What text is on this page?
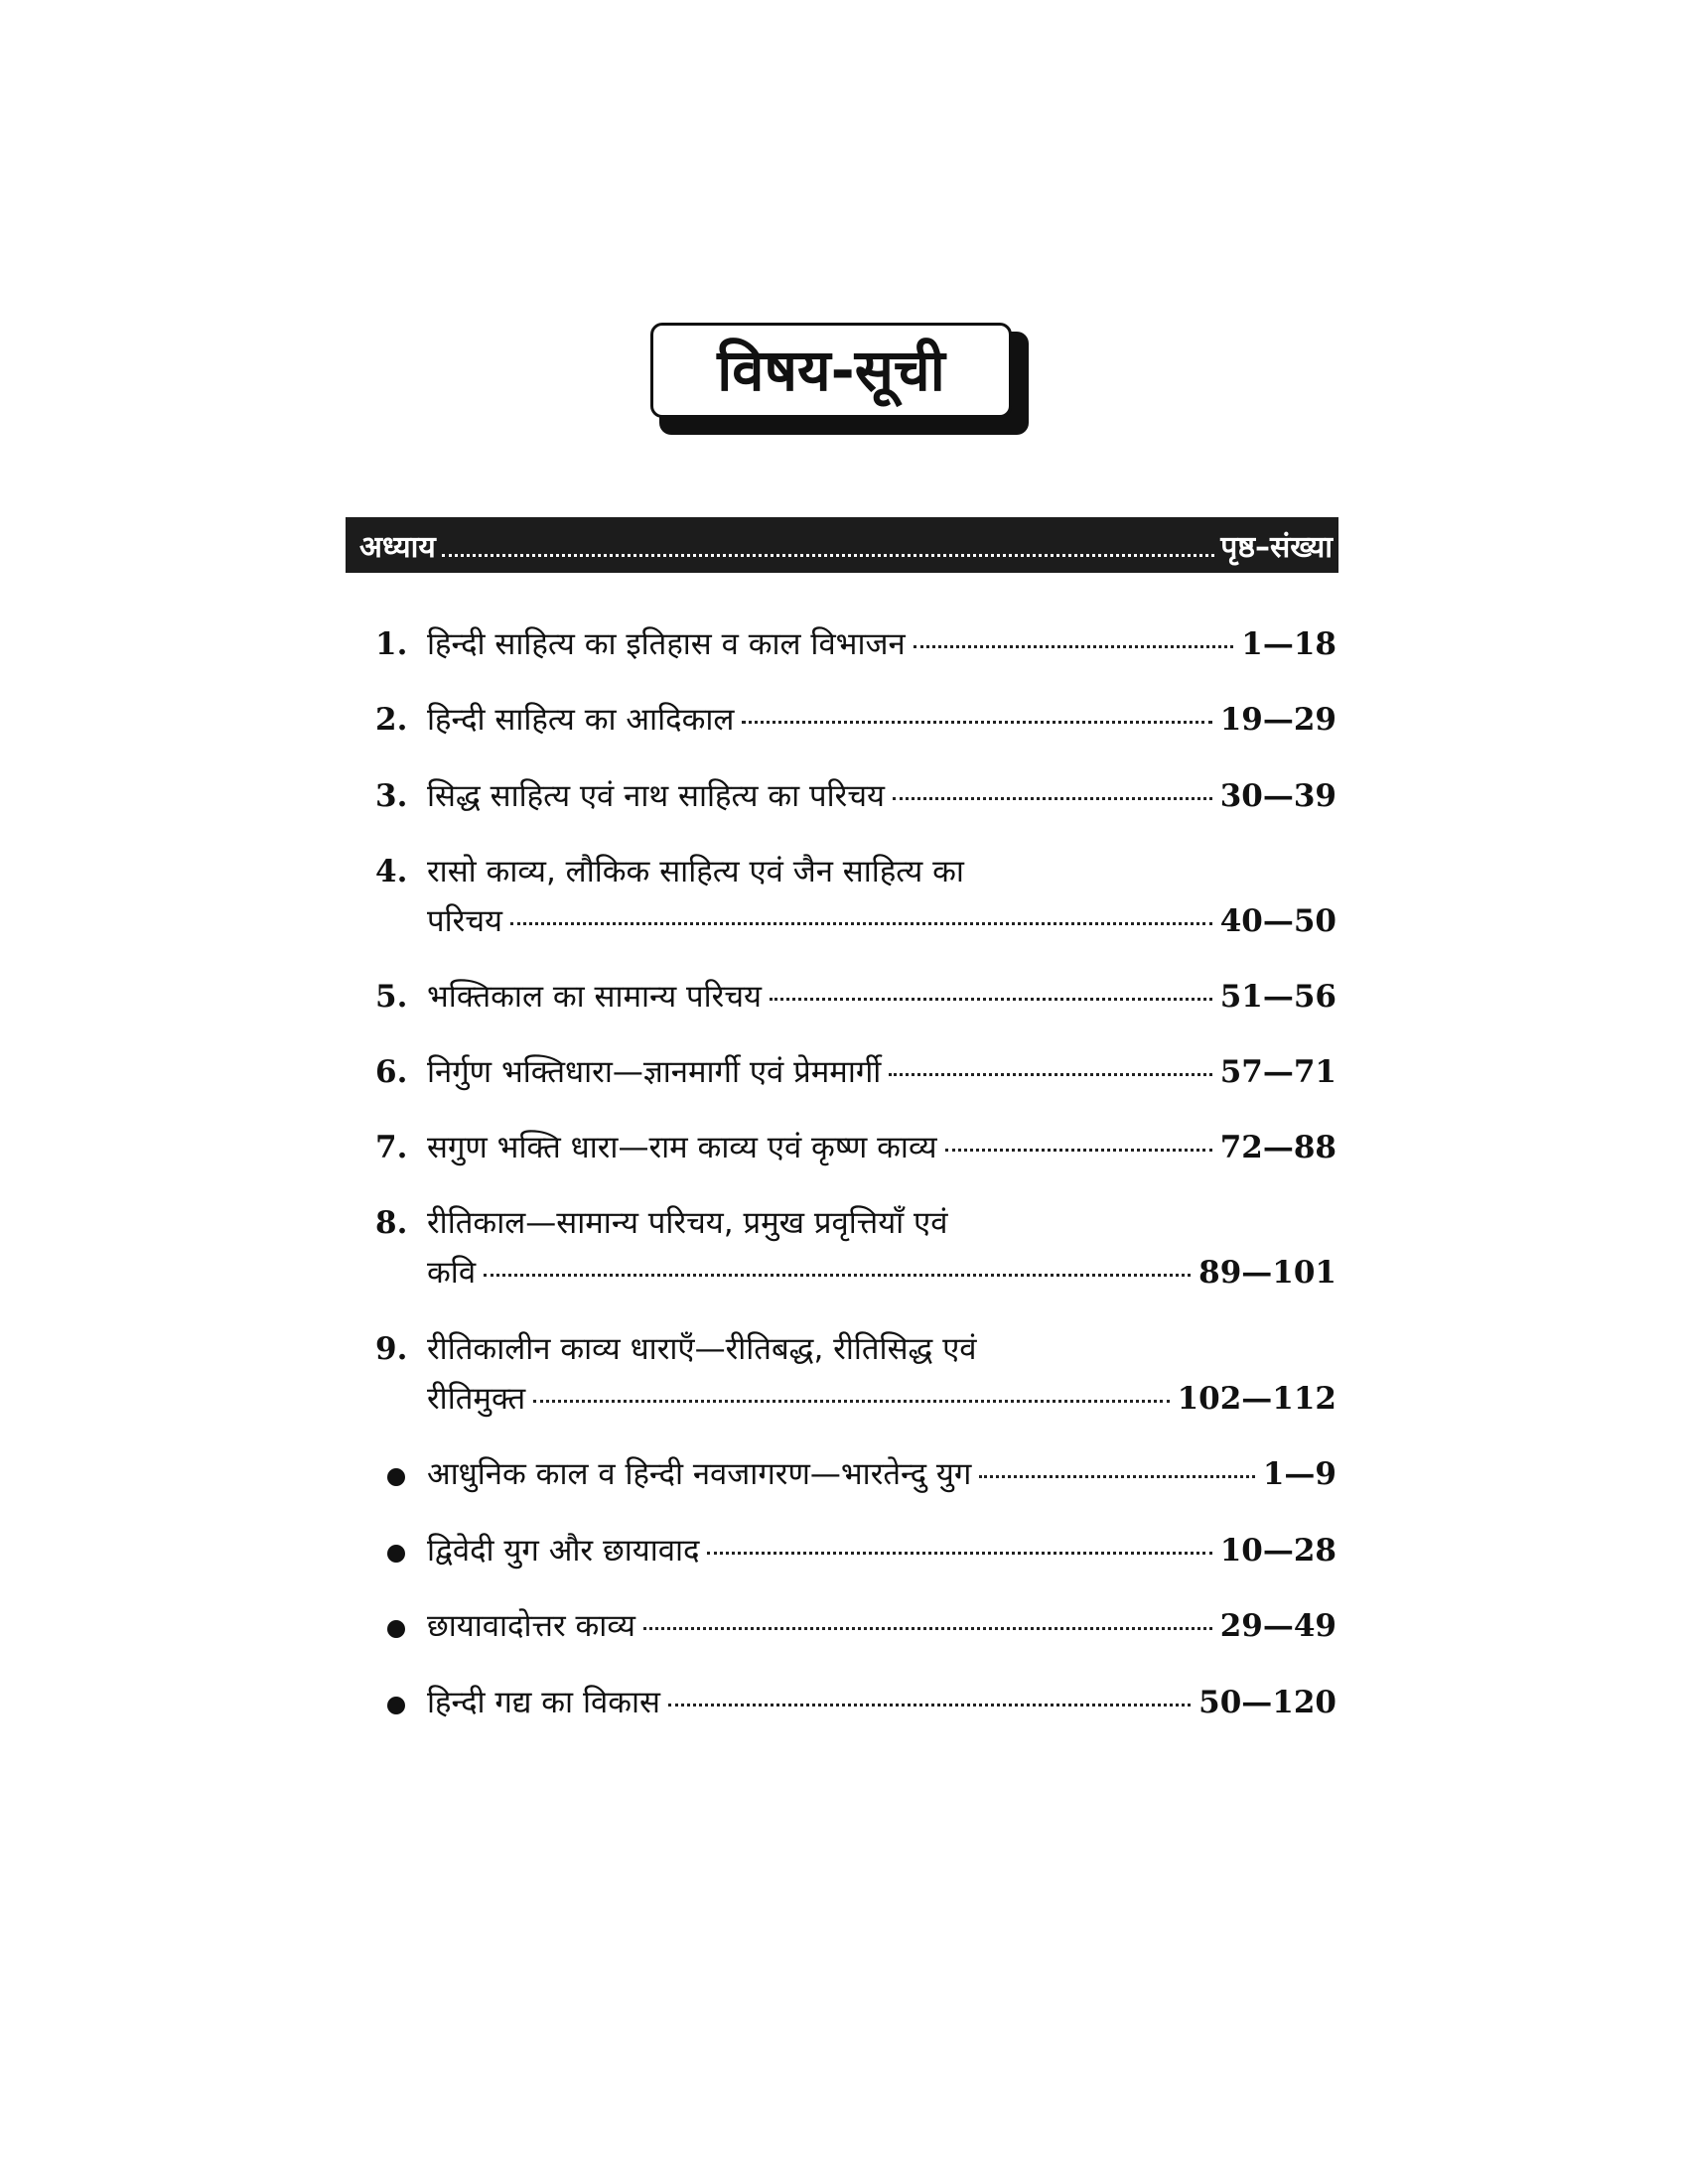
विषय-सूची
अध्याय	पृष्ठ–संख्या
1. हिन्दी साहित्य का इतिहास व काल विभाजन	1—18
2. हिन्दी साहित्य का आदिकाल	19—29
3. सिद्ध साहित्य एवं नाथ साहित्य का परिचय	30—39
4. रासो काव्य, लौकिक साहित्य एवं जैन साहित्य का
परिचय	40—50
5. भक्तिकाल का सामान्य परिचय	51—56
6. निर्गुण भक्तिधारा—ज्ञानमार्गी एवं प्रेममार्गी	57—71
7. सगुण भक्ति धारा—राम काव्य एवं कृष्ण काव्य	72—88
8. रीतिकाल—सामान्य परिचय, प्रमुख प्रवृत्तियाँ एवं
कवि	89—101
9. रीतिकालीन काव्य धाराएँ—रीतिबद्ध, रीतिसिद्ध एवं
रीतिमुक्त	102—112
आधुनिक काल व हिन्दी नवजागरण—भारतेन्दु युग	1—9
द्विवेदी युग और छायावाद	10—28
छायावादोत्तर काव्य	29—49
हिन्दी गद्य का विकास	50—120
